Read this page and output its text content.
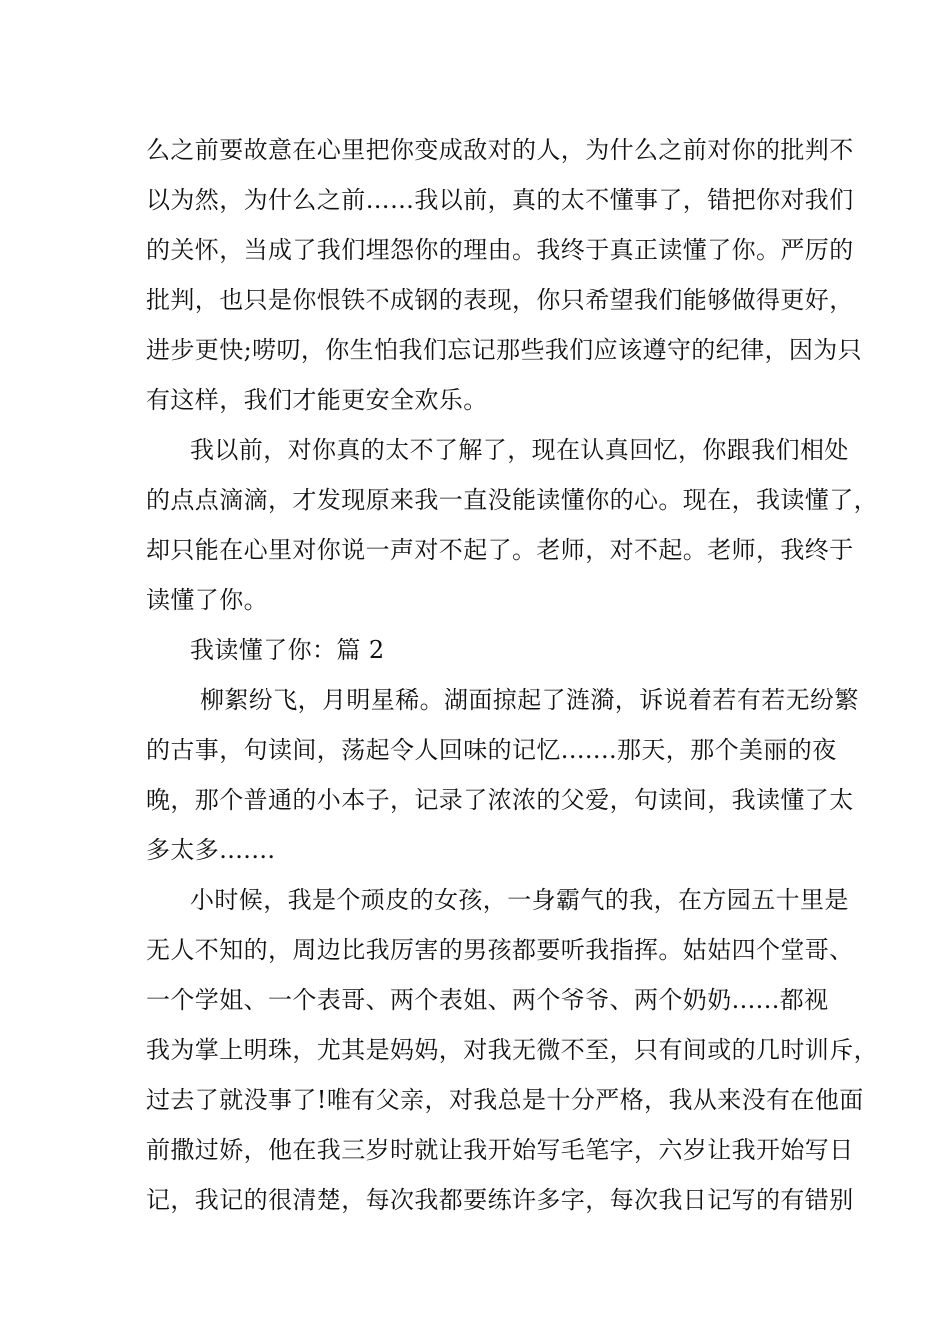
么之前要故意在心里把你变成敌对的人，为什么之前对你的批判不
以为然，为什么之前……我以前，真的太不懂事了，错把你对我们
的关怀，当成了我们埋怨你的理由。我终于真正读懂了你。严厉的
批判，也只是你恨铁不成钢的表现，你只希望我们能够做得更好，
进步更快;唠叨，你生怕我们忘记那些我们应该遵守的纪律，因为只
有这样，我们才能更安全欢乐。
我以前，对你真的太不了解了，现在认真回忆，你跟我们相处
的点点滴滴，才发现原来我一直没能读懂你的心。现在，我读懂了，
却只能在心里对你说一声对不起了。老师，对不起。老师，我终于
读懂了你。
我读懂了你：篇 2
柳絮纷飞，月明星稀。湖面掠起了涟漪，诉说着若有若无纷繁
的古事，句读间，荡起令人回味的记忆.......那天，那个美丽的夜
晚，那个普通的小本子，记录了浓浓的父爱，句读间，我读懂了太
多太多.......
小时候，我是个顽皮的女孩，一身霸气的我，在方园五十里是
无人不知的，周边比我厉害的男孩都要听我指挥。姑姑四个堂哥、
一个学姐、一个表哥、两个表姐、两个爷爷、两个奶奶......都视
我为掌上明珠，尤其是妈妈，对我无微不至，只有间或的几时训斥，
过去了就没事了!唯有父亲，对我总是十分严格，我从来没有在他面
前撒过娇，他在我三岁时就让我开始写毛笔字，六岁让我开始写日
记，我记的很清楚，每次我都要练许多字，每次我日记写的有错别
